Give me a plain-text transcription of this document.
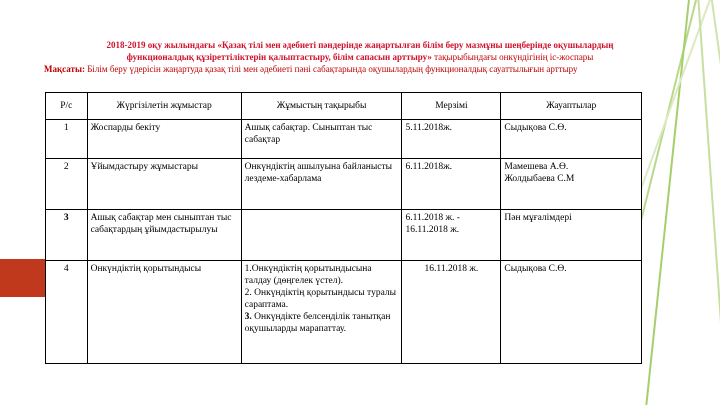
2018-2019 оқу жылындағы «Қазақ тілі мен әдебиеті пәндерінде жаңартылған білім беру мазмұны шеңберінде оқушылардың
функционалдық құзіреттіліктерін қалыптастыру, білім сапасын арттыру» тақырыбындағы онкүндігінің іс-жоспары
Мақсаты: Білім беру үдерісін жаңартуда қазақ тілі мен әдебиеті пәні сабақтарында оқушылардың функционалдық сауаттылығын арттыру
Р/с	Жүргізілетін жұмыстар	Жұмыстың тақырыбы	Мерзімі	Жауаптылар
1	Жоспарды бекіту	Ашық сабақтар. Сыныптан тыс сабақтар	5.11.2018ж.	Сыдықова С.Ө.
2	Ұйымдастыру жұмыстары	Онкүндіктің ашылуына байланысты лездеме-хабарлама	6.11.2018ж.	Мамешева А.Ө.
Жолдыбаева С.М

3	Ашық сабақтар мен сыныптан тыс сабақтардың ұйымдастырылуы		6.11.2018 ж. - 16.11.2018 ж.	Пән мұғалімдері
4	Онкүндіктің қорытындысы	1.Онкүндіктің қорытындысына талдау (дөңгелек үстел).
2. Онкүндіктің қорытындысы туралы сараптама.
3. Онкүндікте белсенділік танытқан оқушыларды марапаттау.	16.11.2018 ж.	Сыдықова С.Ө.
